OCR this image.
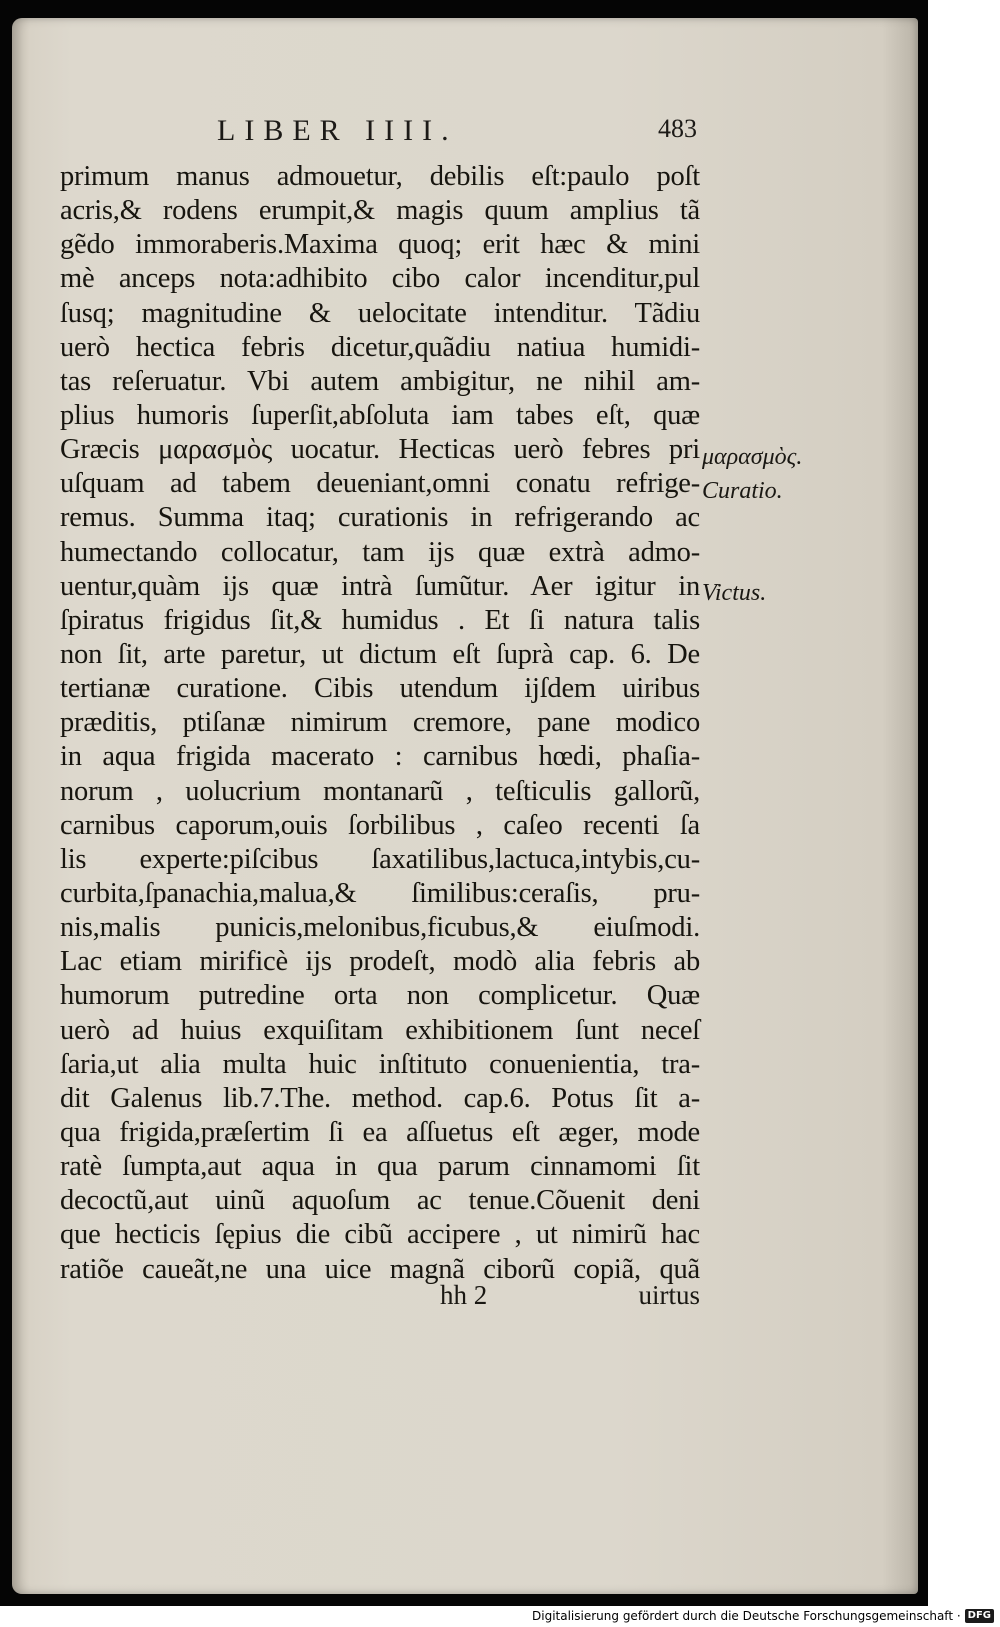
LIBER IIII.	483
primum manus admouetur, debilis eſt:paulo poſt
acris,& rodens erumpit,& magis quum amplius tã
gẽdo immoraberis.Maxima quoq; erit hæc & mini
mè anceps nota:adhibito cibo calor incenditur,pul
ſusq; magnitudine & uelocitate intenditur. Tãdiu
uerò hectica febris dicetur,quãdiu natiua humidi-
tas reſeruatur. Vbi autem ambigitur, ne nihil am-
plius humoris ſuperſit,abſoluta iam tabes eſt, quæ
Græcis μαρασμὸς uocatur. Hecticas uerò febres pri
uſquam ad tabem deueniant,omni conatu refrige-
remus. Summa itaq; curationis in refrigerando ac
humectando collocatur, tam ijs quæ extrà admo-
uentur,quàm ijs quæ intrà ſumũtur. Aer igitur in
ſpiratus frigidus ſit,& humidus . Et ſi natura talis
non ſit, arte paretur, ut dictum eſt ſuprà cap. 6. De
tertianæ curatione. Cibis utendum ijſdem uiribus
præditis, ptiſanæ nimirum cremore, pane modico
in aqua frigida macerato : carnibus hœdi, phaſia-
norum , uolucrium montanarũ , teſticulis gallorũ,
carnibus caporum,ouis ſorbilibus , caſeo recenti ſa
lis experte:piſcibus ſaxatilibus,lactuca,intybis,cu-
curbita,ſpanachia,malua,& ſimilibus:ceraſis, pru-
nis,malis punicis,melonibus,ficubus,& eiuſmodi.
Lac etiam mirificè ijs prodeſt, modò alia febris ab
humorum putredine orta non complicetur. Quæ
uerò ad huius exquiſitam exhibitionem ſunt neceſ
ſaria,ut alia multa huic inſtituto conuenientia, tra-
dit Galenus lib.7.The. method. cap.6. Potus ſit a-
qua frigida,præſertim ſi ea aſſuetus eſt æger, mode
ratè ſumpta,aut aqua in qua parum cinnamomi ſit
decoctũ,aut uinũ aquoſum ac tenue.Cõuenit deni
que hecticis ſępius die cibũ accipere , ut nimirũ hac
ratiõe caueãt,ne una uice magnã ciborũ copiã, quã
μαρασμὸς.
Curatio.
Victus.
hh 2	uirtus
Digitalisierung gefördert durch die Deutsche Forschungsgemeinschaft · DFG
